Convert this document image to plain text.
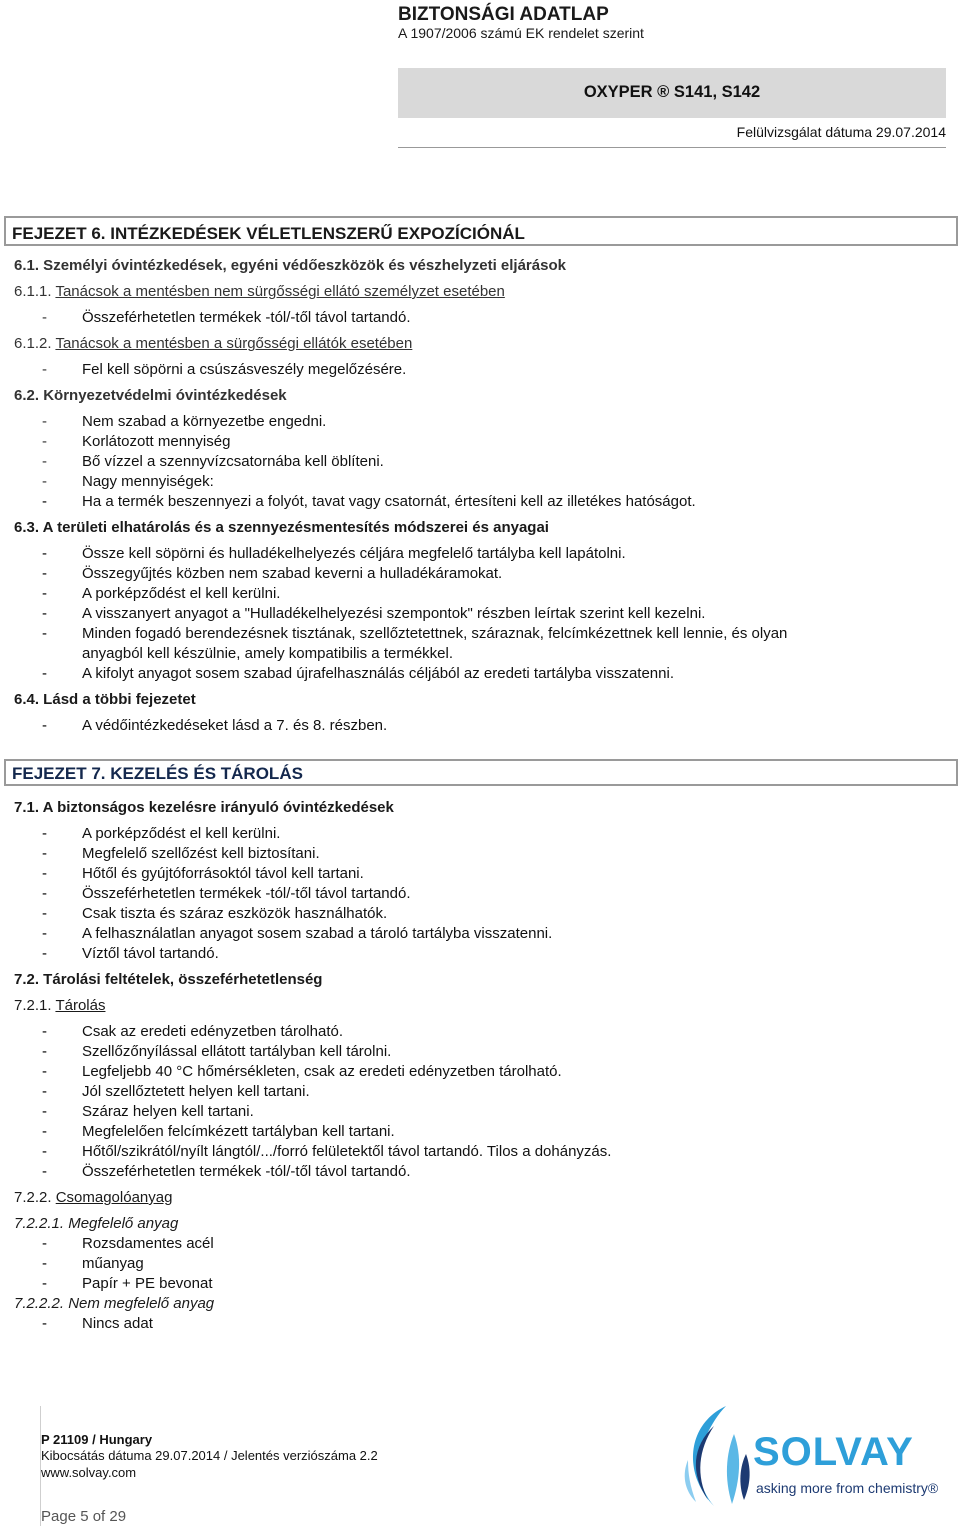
BIZTONSÁGI ADATLAP
A 1907/2006 számú EK rendelet szerint
OXYPER ® S141, S142
Felülvizsgálat dátuma 29.07.2014
FEJEZET 6. INTÉZKEDÉSEK VÉLETLENSZERŰ EXPOZÍCIÓNÁL
6.1. Személyi óvintézkedések, egyéni védőeszközök és vészhelyzeti eljárások
6.1.1. Tanácsok a mentésben nem sürgősségi ellátó személyzet esetében
- Összeférhetetlen termékek -tól/-től távol tartandó.
6.1.2. Tanácsok a mentésben a sürgősségi ellátók esetében
- Fel kell söpörni a csúszásveszély megelőzésére.
6.2. Környezetvédelmi óvintézkedések
- Nem szabad a környezetbe engedni.
- Korlátozott mennyiség
- Bő vízzel a szennyvízcsatornába kell öblíteni.
- Nagy mennyiségek:
- Ha a termék beszennyezi a folyót, tavat vagy csatornát, értesíteni kell az illetékes hatóságot.
6.3. A területi elhatárolás és a szennyezésmentesítés módszerei és anyagai
- Össze kell söpörni és hulladékelhelyezés céljára megfelelő tartályba kell lapátolni.
- Összegyűjtés közben nem szabad keverni a hulladékáramokat.
- A porképződést el kell kerülni.
- A visszanyert anyagot a "Hulladékelhelyezési szempontok" részben leírtak szerint kell kezelni.
- Minden fogadó berendezésnek tisztának, szellőztetettnek, száraznak, felcímkézettnek kell lennie, és olyan
anyagból kell készülnie, amely kompatibilis a termékkel.
- A kifolyt anyagot sosem szabad újrafelhasználás céljából az eredeti tartályba visszatenni.
6.4. Lásd a többi fejezetet
- A védőintézkedéseket lásd a 7. és 8. részben.
FEJEZET 7. KEZELÉS ÉS TÁROLÁS
7.1. A biztonságos kezelésre irányuló óvintézkedések
- A porképződést el kell kerülni.
- Megfelelő szellőzést kell biztosítani.
- Hőtől és gyújtóforrásoktól távol kell tartani.
- Összeférhetetlen termékek -tól/-től távol tartandó.
- Csak tiszta és száraz eszközök használhatók.
- A felhasználatlan anyagot sosem szabad a tároló tartályba visszatenni.
- Víztől távol tartandó.
7.2. Tárolási feltételek, összeférhetetlenség
7.2.1. Tárolás
- Csak az eredeti edényzetben tárolható.
- Szellőzőnyílással ellátott tartályban kell tárolni.
- Legfeljebb 40 °C hőmérsékleten, csak az eredeti edényzetben tárolható.
- Jól szellőztetett helyen kell tartani.
- Száraz helyen kell tartani.
- Megfelelően felcímkézett tartályban kell tartani.
- Hőtől/szikrától/nyílt lángtól/.../forró felületektől távol tartandó. Tilos a dohányzás.
- Összeférhetetlen termékek -tól/-től távol tartandó.
7.2.2. Csomagolóanyag
7.2.2.1. Megfelelő anyag
- Rozsdamentes acél
- műanyag
- Papír + PE bevonat
7.2.2.2. Nem megfelelő anyag
- Nincs adat
P 21109 / Hungary
Kibocsátás dátuma 29.07.2014 / Jelentés verziószáma 2.2
www.solvay.com
Page 5 of 29
SOLVAY
asking more from chemistry®
